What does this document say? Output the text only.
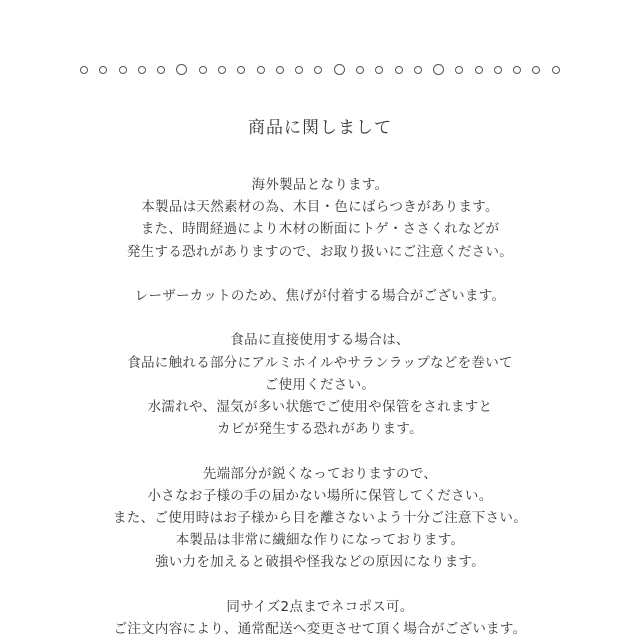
商品に関しまして

海外製品となります。
本製品は天然素材の為、木目・色にばらつきがあります。
また、時間経過により木材の断面にトゲ・ささくれなどが
発生する恐れがありますので、お取り扱いにご注意ください。

レーザーカットのため、焦げが付着する場合がございます。

食品に直接使用する場合は、
食品に触れる部分にアルミホイルやサランラップなどを巻いて
ご使用ください。
水濡れや、湿気が多い状態でご使用や保管をされますと
カビが発生する恐れがあります。

先端部分が鋭くなっておりますので、
小さなお子様の手の届かない場所に保管してください。
また、ご使用時はお子様から目を離さないよう十分ご注意下さい。
本製品は非常に繊細な作りになっております。
強い力を加えると破損や怪我などの原因になります。

同サイズ2点までネコポス可。
ご注文内容により、通常配送へ変更させて頂く場合がございます。
